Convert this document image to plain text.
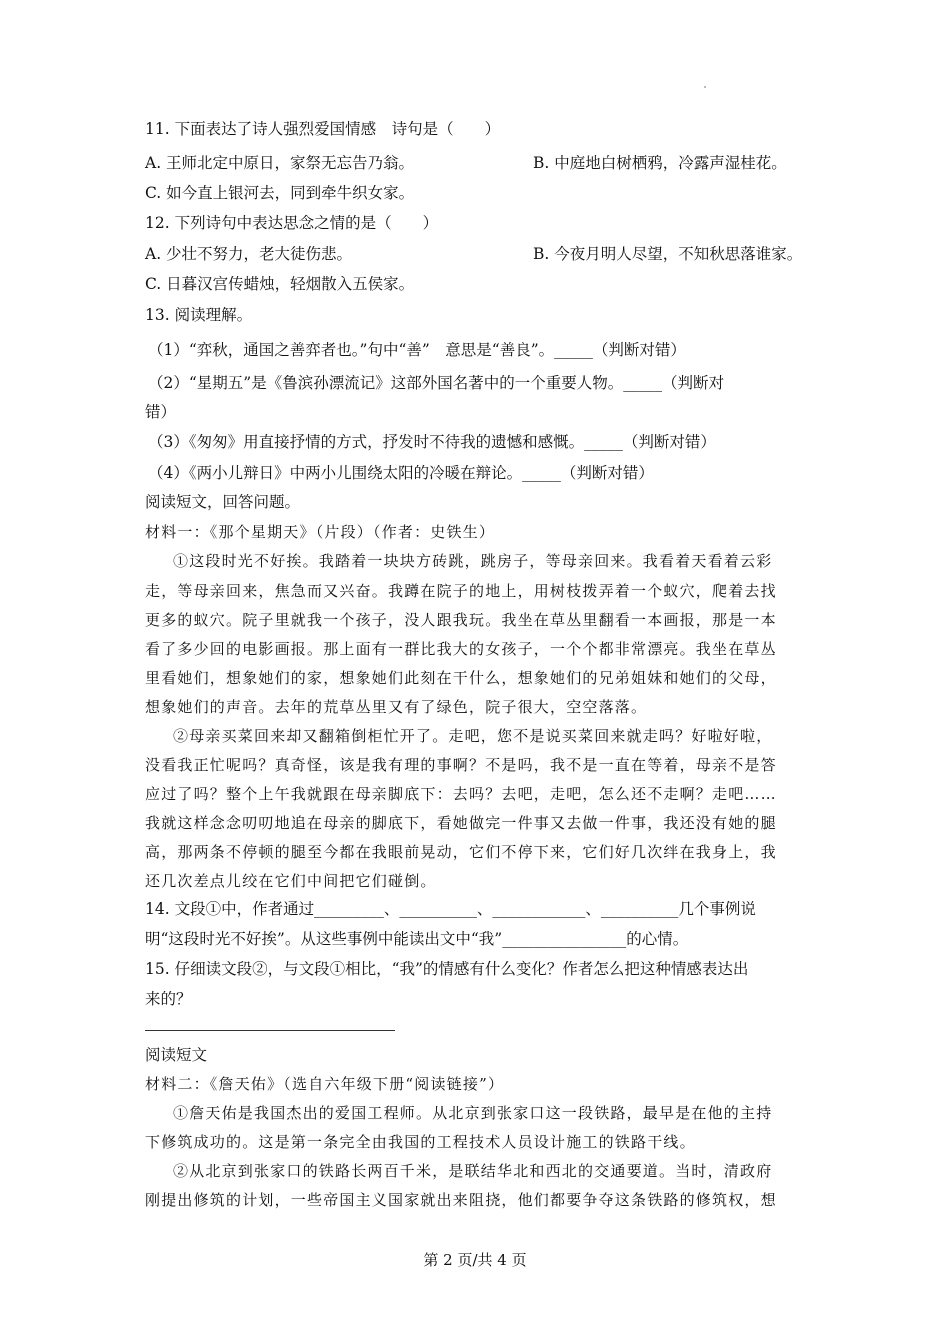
11. 下面表达了诗人强烈爱国情感　诗句是（　　）
A. 王师北定中原日，家祭无忘告乃翁。	B. 中庭地白树栖鸦，冷露声湿桂花。
C. 如今直上银河去，同到牵牛织女家。
12. 下列诗句中表达思念之情的是（　　）
A. 少壮不努力，老大徒伤悲。	B. 今夜月明人尽望，不知秋思落谁家。
C. 日暮汉宫传蜡烛，轻烟散入五侯家。
13. 阅读理解。
（1）“弈秋，通国之善弈者也。”句中“善”　意思是“善良”。_____（判断对错）
（2）“星期五”是《鲁滨孙漂流记》这部外国名著中的一个重要人物。_____（判断对
错）
（3）《匆匆》用直接抒情的方式，抒发时不待我的遗憾和感慨。_____（判断对错）
（4）《两小儿辩日》中两小儿围绕太阳的冷暖在辩论。_____（判断对错）
阅读短文，回答问题。
材料一：《那个星期天》（片段）（作者：史铁生）
①这段时光不好挨。我踏着一块块方砖跳，跳房子，等母亲回来。我看着天看着云彩
走，等母亲回来，焦急而又兴奋。我蹲在院子的地上，用树枝拨弄着一个蚁穴，爬着去找
更多的蚁穴。院子里就我一个孩子，没人跟我玩。我坐在草丛里翻看一本画报，那是一本
看了多少回的电影画报。那上面有一群比我大的女孩子，一个个都非常漂亮。我坐在草丛
里看她们，想象她们的家，想象她们此刻在干什么，想象她们的兄弟姐妹和她们的父母，
想象她们的声音。去年的荒草丛里又有了绿色，院子很大，空空落落。
②母亲买菜回来却又翻箱倒柜忙开了。走吧，您不是说买菜回来就走吗？好啦好啦，
没看我正忙呢吗？真奇怪，该是我有理的事啊？不是吗，我不是一直在等着，母亲不是答
应过了吗？整个上午我就跟在母亲脚底下：去吗？去吧，走吧，怎么还不走啊？走吧……
我就这样念念叨叨地追在母亲的脚底下，看她做完一件事又去做一件事，我还没有她的腿
高，那两条不停顿的腿至今都在我眼前晃动，它们不停下来，它们好几次绊在我身上，我
还几次差点儿绞在它们中间把它们碰倒。
14. 文段①中，作者通过_________、__________、____________、__________几个事例说
明“这段时光不好挨”。从这些事例中能读出文中“我”________________的心情。
15. 仔细读文段②，与文段①相比，“我”的情感有什么变化？作者怎么把这种情感表达出
来的？
阅读短文
材料二：《詹天佑》（选自六年级下册“阅读链接”）
①詹天佑是我国杰出的爱国工程师。从北京到张家口这一段铁路，最早是在他的主持
下修筑成功的。这是第一条完全由我国的工程技术人员设计施工的铁路干线。
②从北京到张家口的铁路长两百千米，是联结华北和西北的交通要道。当时，清政府
刚提出修筑的计划，一些帝国主义国家就出来阻挠，他们都要争夺这条铁路的修筑权，想
第 2 页/共 4 页
